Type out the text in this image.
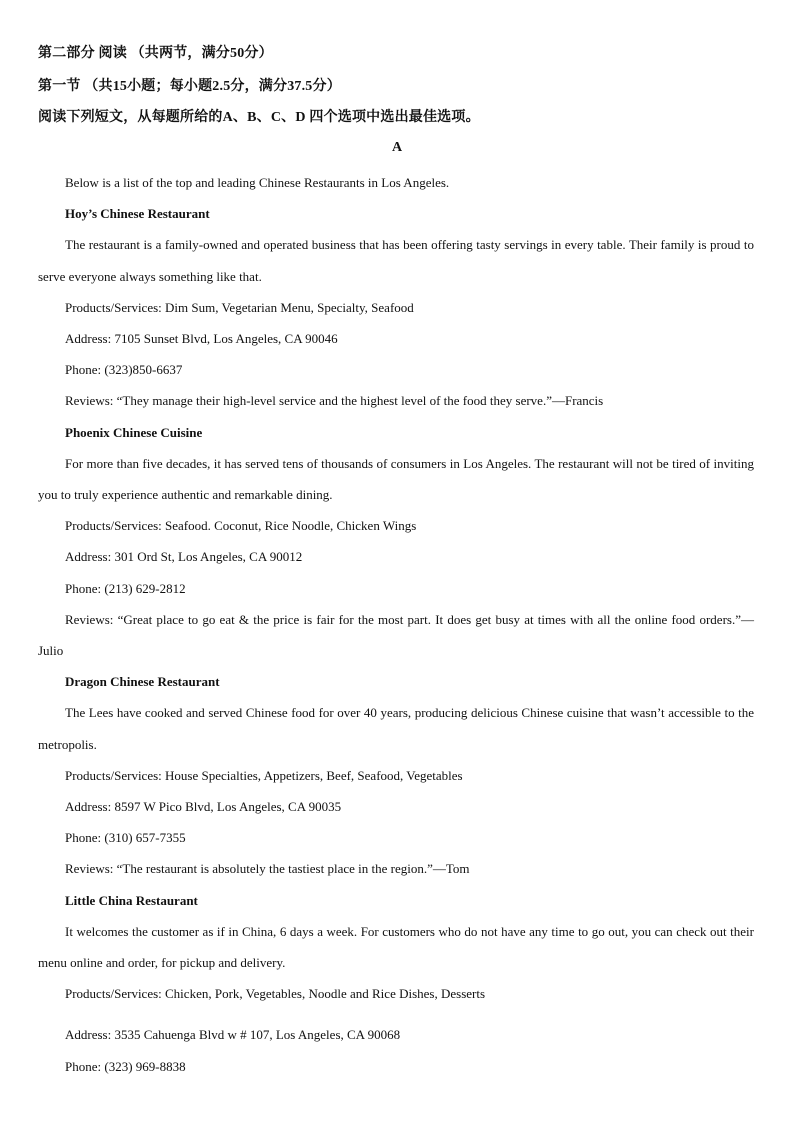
第二部分 阅读 （共两节，满分50分）
第一节 （共15小题；每小题2.5分，满分37.5分）
阅读下列短文，从每题所给的A、B、C、D 四个选项中选出最佳选项。
A

Below is a list of the top and leading Chinese Restaurants in Los Angeles.

Hoy’s Chinese Restaurant

The restaurant is a family-owned and operated business that has been offering tasty servings in every table. Their family is proud to serve everyone always something like that.

Products/Services: Dim Sum, Vegetarian Menu, Specialty, Seafood

Address: 7105 Sunset Blvd, Los Angeles, CA 90046

Phone: (323)850-6637

Reviews: “They manage their high-level service and the highest level of the food they serve.”—Francis

Phoenix Chinese Cuisine

For more than five decades, it has served tens of thousands of consumers in Los Angeles. The restaurant will not be tired of inviting you to truly experience authentic and remarkable dining.

Products/Services: Seafood. Coconut, Rice Noodle, Chicken Wings

Address: 301 Ord St, Los Angeles, CA 90012

Phone: (213) 629-2812

Reviews: “Great place to go eat & the price is fair for the most part. It does get busy at times with all the online food orders.”—Julio

Dragon Chinese Restaurant

The Lees have cooked and served Chinese food for over 40 years, producing delicious Chinese cuisine that wasn’t accessible to the metropolis.

Products/Services: House Specialties, Appetizers, Beef, Seafood, Vegetables

Address: 8597 W Pico Blvd, Los Angeles, CA 90035

Phone: (310) 657-7355

Reviews: “The restaurant is absolutely the tastiest place in the region.”—Tom

Little China Restaurant

It welcomes the customer as if in China, 6 days a week. For customers who do not have any time to go out, you can check out their menu online and order, for pickup and delivery.

Products/Services: Chicken, Pork, Vegetables, Noodle and Rice Dishes, Desserts

Address: 3535 Cahuenga Blvd w # 107, Los Angeles, CA 90068

Phone: (323) 969-8838
